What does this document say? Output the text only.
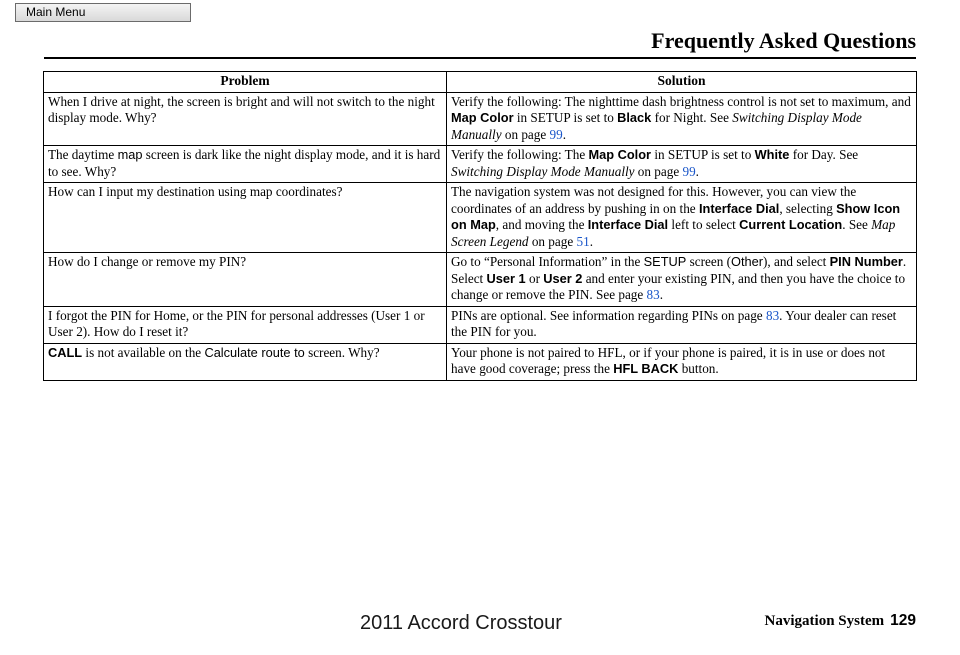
Main Menu
Frequently Asked Questions
Problem	Solution
When I drive at night, the screen is bright and will not switch to the night display mode. Why?	Verify the following: The nighttime dash brightness control is not set to maximum, and Map Color in SETUP is set to Black for Night. See Switching Display Mode Manually on page 99.
The daytime map screen is dark like the night display mode, and it is hard to see. Why?	Verify the following: The Map Color in SETUP is set to White for Day. See Switching Display Mode Manually on page 99.
How can I input my destination using map coordinates?	The navigation system was not designed for this. However, you can view the coordinates of an address by pushing in on the Interface Dial, selecting Show Icon on Map, and moving the Interface Dial left to select Current Location. See Map Screen Legend on page 51.
How do I change or remove my PIN?	Go to “Personal Information” in the SETUP screen (Other), and select PIN Number. Select User 1 or User 2 and enter your existing PIN, and then you have the choice to change or remove the PIN. See page 83.
I forgot the PIN for Home, or the PIN for personal addresses (User 1 or User 2). How do I reset it?	PINs are optional. See information regarding PINs on page 83. Your dealer can reset the PIN for you.
CALL is not available on the Calculate route to screen. Why?	Your phone is not paired to HFL, or if your phone is paired, it is in use or does not have good coverage; press the HFL BACK button.
Navigation System 129
2011 Accord Crosstour
